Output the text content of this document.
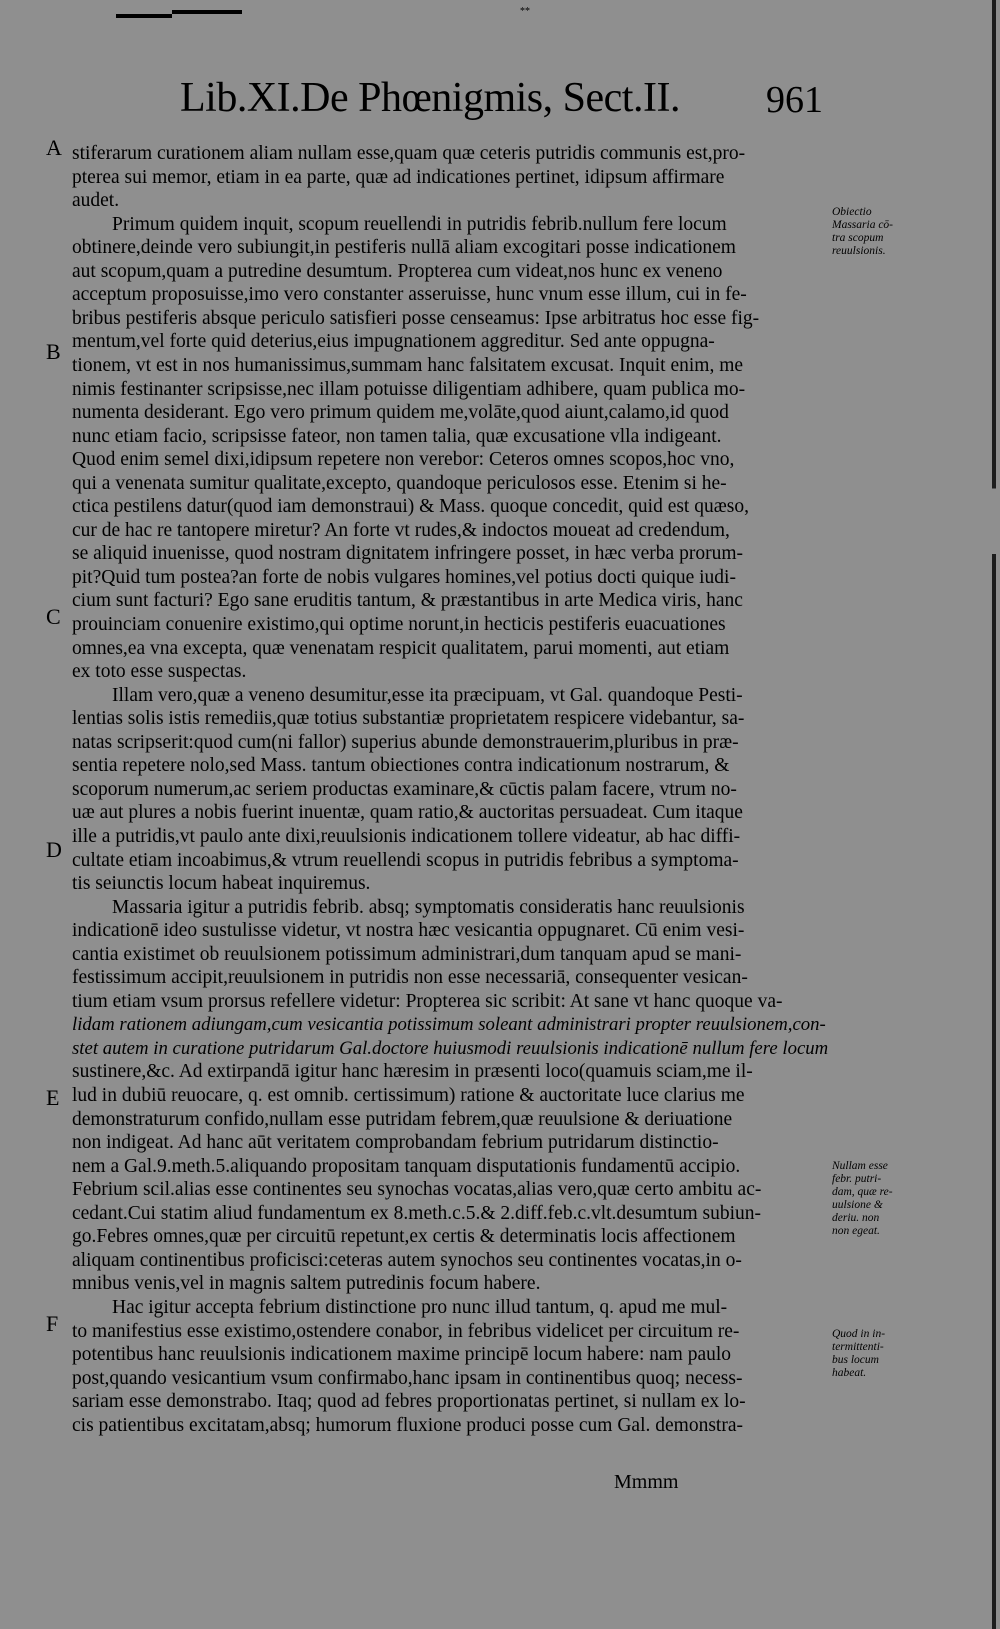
**
Lib.XI.De Phœnigmis, Sect.II.	961
stiferarum curationem aliam nullam esse,quam quæ ceteris putridis communis est,pro-
pterea sui memor, etiam in ea parte, quæ ad indicationes pertinet, idipsum affirmare
audet.
Primum quidem inquit, scopum reuellendi in putridis febrib.nullum fere locum
obtinere,deinde vero subiungit,in pestiferis nullā aliam excogitari posse indicationem
aut scopum,quam a putredine desumtum. Propterea cum videat,nos hunc ex veneno
acceptum proposuisse,imo vero constanter asseruisse, hunc vnum esse illum, cui in fe-
bribus pestiferis absque periculo satisfieri posse censeamus: Ipse arbitratus hoc esse fig-
mentum,vel forte quid deterius,eius impugnationem aggreditur. Sed ante oppugna-
tionem, vt est in nos humanissimus,summam hanc falsitatem excusat. Inquit enim, me
nimis festinanter scripsisse,nec illam potuisse diligentiam adhibere, quam publica mo-
numenta desiderant. Ego vero primum quidem me,volāte,quod aiunt,calamo,id quod
nunc etiam facio, scripsisse fateor, non tamen talia, quæ excusatione vlla indigeant.
Quod enim semel dixi,idipsum repetere non verebor: Ceteros omnes scopos,hoc vno,
qui a venenata sumitur qualitate,excepto, quandoque periculosos esse. Etenim si he-
ctica pestilens datur(quod iam demonstraui) & Mass. quoque concedit, quid est quæso,
cur de hac re tantopere miretur? An forte vt rudes,& indoctos moueat ad credendum,
se aliquid inuenisse, quod nostram dignitatem infringere posset, in hæc verba prorum-
pit?Quid tum postea?an forte de nobis vulgares homines,vel potius docti quique iudi-
cium sunt facturi? Ego sane eruditis tantum, & præstantibus in arte Medica viris, hanc
prouinciam conuenire existimo,qui optime norunt,in hecticis pestiferis euacuationes
omnes,ea vna excepta, quæ venenatam respicit qualitatem, parui momenti, aut etiam
ex toto esse suspectas.
Illam vero,quæ a veneno desumitur,esse ita præcipuam, vt Gal. quandoque Pesti-
lentias solis istis remediis,quæ totius substantiæ proprietatem respicere videbantur, sa-
natas scripserit:quod cum(ni fallor) superius abunde demonstrauerim,pluribus in præ-
sentia repetere nolo,sed Mass. tantum obiectiones contra indicationum nostrarum, &
scoporum numerum,ac seriem productas examinare,& cūctis palam facere, vtrum no-
uæ aut plures a nobis fuerint inuentæ, quam ratio,& auctoritas persuadeat. Cum itaque
ille a putridis,vt paulo ante dixi,reuulsionis indicationem tollere videatur, ab hac diffi-
cultate etiam incoabimus,& vtrum reuellendi scopus in putridis febribus a symptoma-
tis seiunctis locum habeat inquiremus.
Massaria igitur a putridis febrib. absq; symptomatis consideratis hanc reuulsionis
indicationē ideo sustulisse videtur, vt nostra hæc vesicantia oppugnaret. Cū enim vesi-
cantia existimet ob reuulsionem potissimum administrari,dum tanquam apud se mani-
festissimum accipit,reuulsionem in putridis non esse necessariā, consequenter vesican-
tium etiam vsum prorsus refellere videtur: Propterea sic scribit: At sane vt hanc quoque va-
lidam rationem adiungam,cum vesicantia potissimum soleant administrari propter reuulsionem,con-
stet autem in curatione putridarum Gal.doctore huiusmodi reuulsionis indicationē nullum fere locum
sustinere,&c. Ad extirpandā igitur hanc hæresim in præsenti loco(quamuis sciam,me il-
lud in dubiū reuocare, q. est omnib. certissimum) ratione & auctoritate luce clarius me
demonstraturum confido,nullam esse putridam febrem,quæ reuulsione & deriuatione
non indigeat. Ad hanc aūt veritatem comprobandam febrium putridarum distinctio-
nem a Gal.9.meth.5.aliquando propositam tanquam disputationis fundamentū accipio.
Febrium scil.alias esse continentes seu synochas vocatas,alias vero,quæ certo ambitu ac-
cedant.Cui statim aliud fundamentum ex 8.meth.c.5.& 2.diff.feb.c.vlt.desumtum subiun-
go.Febres omnes,quæ per circuitū repetunt,ex certis & determinatis locis affectionem
aliquam continentibus proficisci:ceteras autem synochos seu continentes vocatas,in o-
mnibus venis,vel in magnis saltem putredinis focum habere.
Hac igitur accepta febrium distinctione pro nunc illud tantum, q. apud me mul-
to manifestius esse existimo,ostendere conabor, in febribus videlicet per circuitum re-
potentibus hanc reuulsionis indicationem maxime principē locum habere: nam paulo
post,quando vesicantium vsum confirmabo,hanc ipsam in continentibus quoq; necess-
sariam esse demonstrabo. Itaq; quod ad febres proportionatas pertinet, si nullam ex lo-
cis patientibus excitatam,absq; humorum fluxione produci posse cum Gal. demonstra-
A
B
C
D
E
F
Obiectio
Massaria cō-
tra scopum
reuulsionis.
Nullam esse
febr. putri-
dam, quæ re-
uulsione &
deriu. non
non egeat.
Quod in in-
termittenti-
bus locum
habeat.
Mmmm
